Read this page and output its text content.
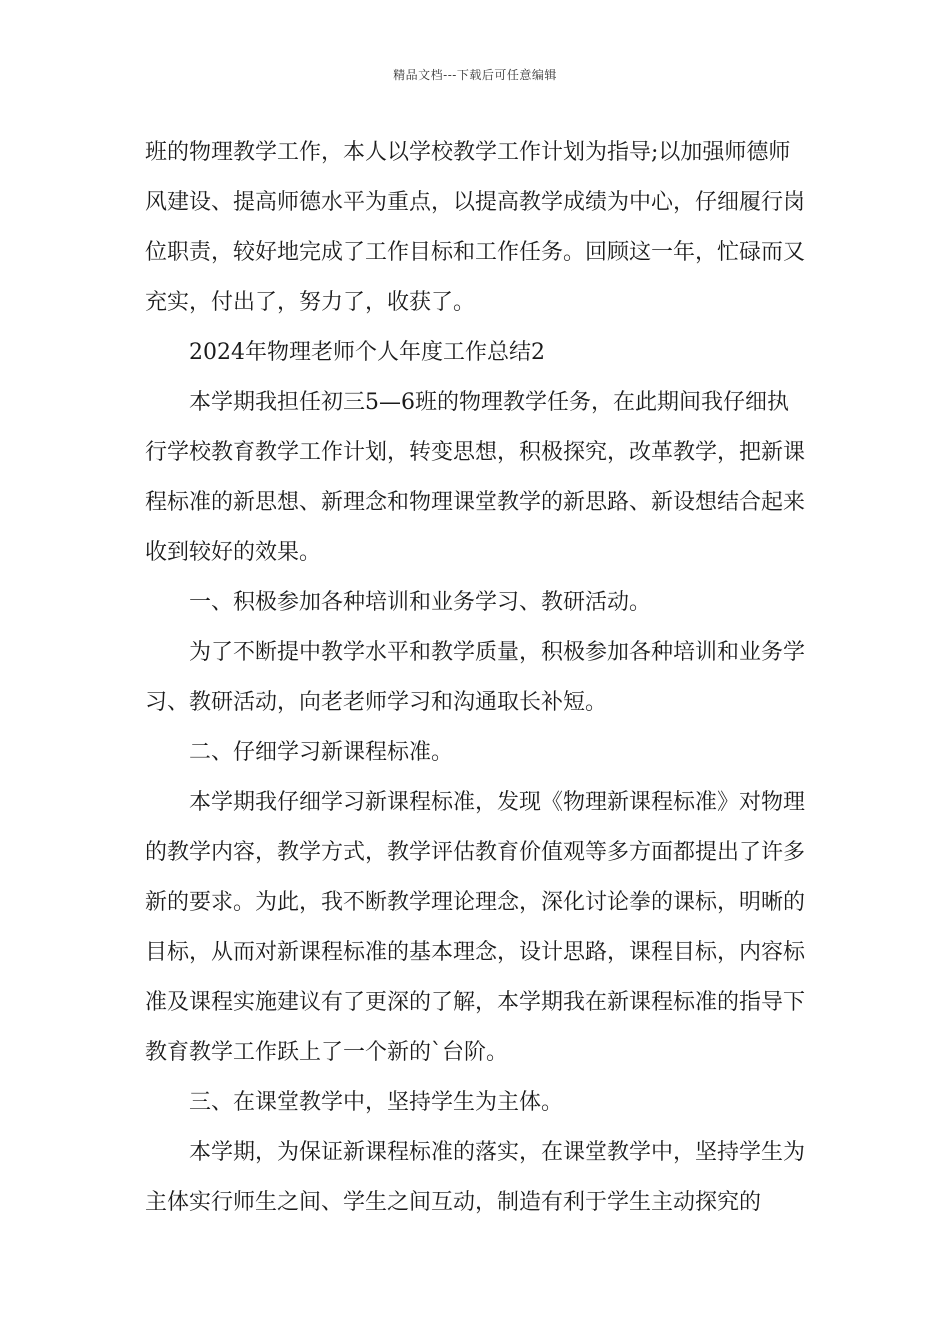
精品文档---下载后可任意编辑

班的物理教学工作，本人以学校教学工作计划为指导;以加强师德师风建设、提高师德水平为重点，以提高教学成绩为中心，仔细履行岗位职责，较好地完成了工作目标和工作任务。回顾这一年，忙碌而又充实，付出了，努力了，收获了。

2024年物理老师个人年度工作总结2

本学期我担任初三5—6班的物理教学任务，在此期间我仔细执行学校教育教学工作计划，转变思想，积极探究，改革教学，把新课程标准的新思想、新理念和物理课堂教学的新思路、新设想结合起来收到较好的效果。

一、积极参加各种培训和业务学习、教研活动。

为了不断提中教学水平和教学质量，积极参加各种培训和业务学习、教研活动，向老老师学习和沟通取长补短。

二、仔细学习新课程标准。

本学期我仔细学习新课程标准，发现《物理新课程标准》对物理的教学内容，教学方式，教学评估教育价值观等多方面都提出了许多新的要求。为此，我不断教学理论理念，深化讨论拳的课标，明晰的目标，从而对新课程标准的基本理念，设计思路，课程目标，内容标准及课程实施建议有了更深的了解，本学期我在新课程标准的指导下教育教学工作跃上了一个新的`台阶。

三、在课堂教学中，坚持学生为主体。

本学期，为保证新课程标准的落实，在课堂教学中，坚持学生为主体实行师生之间、学生之间互动，制造有利于学生主动探究的
